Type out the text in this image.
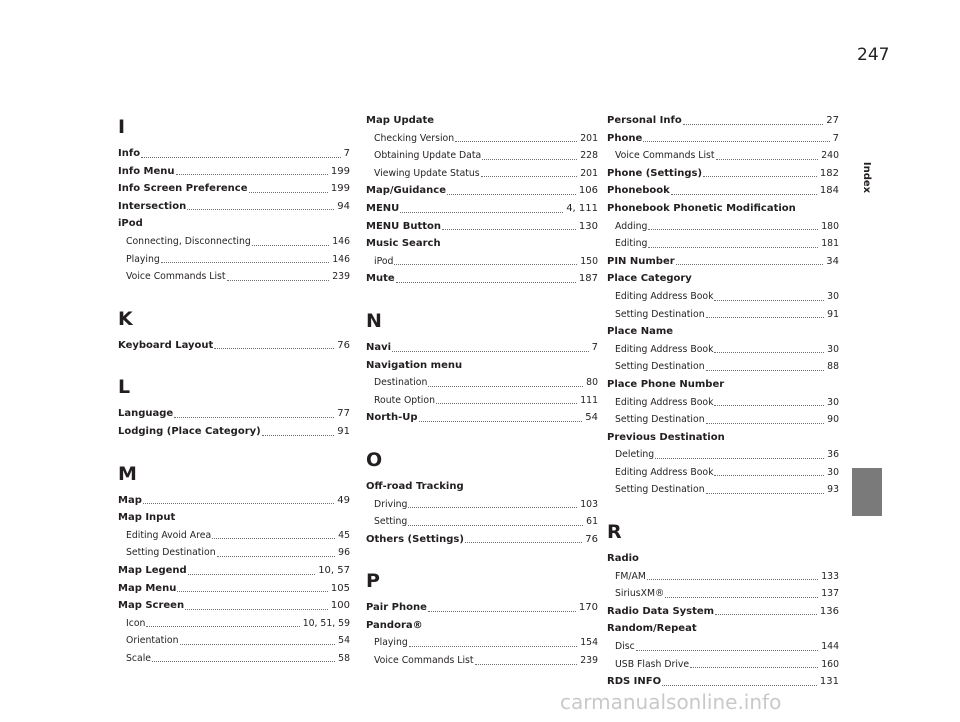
I
Info	7
Info Menu	199
Info Screen Preference	199
Intersection	94
iPod
Connecting, Disconnecting	146
Playing	146
Voice Commands List	239
K
Keyboard Layout	76
L
Language	77
Lodging (Place Category)	91
M
Map	49
Map Input
Editing Avoid Area	45
Setting Destination	96
Map Legend	10, 57
Map Menu	105
Map Screen	100
Icon	10, 51, 59
Orientation	54
Scale	58
Map Update
Checking Version	201
Obtaining Update Data	228
Viewing Update Status	201
Map/Guidance	106
MENU	4, 111
MENU Button	130
Music Search
iPod	150
Mute	187
N
Navi	7
Navigation menu
Destination	80
Route Option	111
North-Up	54
O
Off-road Tracking
Driving	103
Setting	61
Others (Settings)	76
P
Pair Phone	170
Pandora®
Playing	154
Voice Commands List	239
Personal Info	27
Phone	7
Voice Commands List	240
Phone (Settings)	182
Phonebook	184
Phonebook Phonetic Modification
Adding	180
Editing	181
PIN Number	34
Place Category
Editing Address Book	30
Setting Destination	91
Place Name
Editing Address Book	30
Setting Destination	88
Place Phone Number
Editing Address Book	30
Setting Destination	90
Previous Destination
Deleting	36
Editing Address Book	30
Setting Destination	93
R
Radio
FM/AM	133
SiriusXM®	137
Radio Data System	136
Random/Repeat
Disc	144
USB Flash Drive	160
RDS INFO	131
247
Index
carmanualsonline.info
